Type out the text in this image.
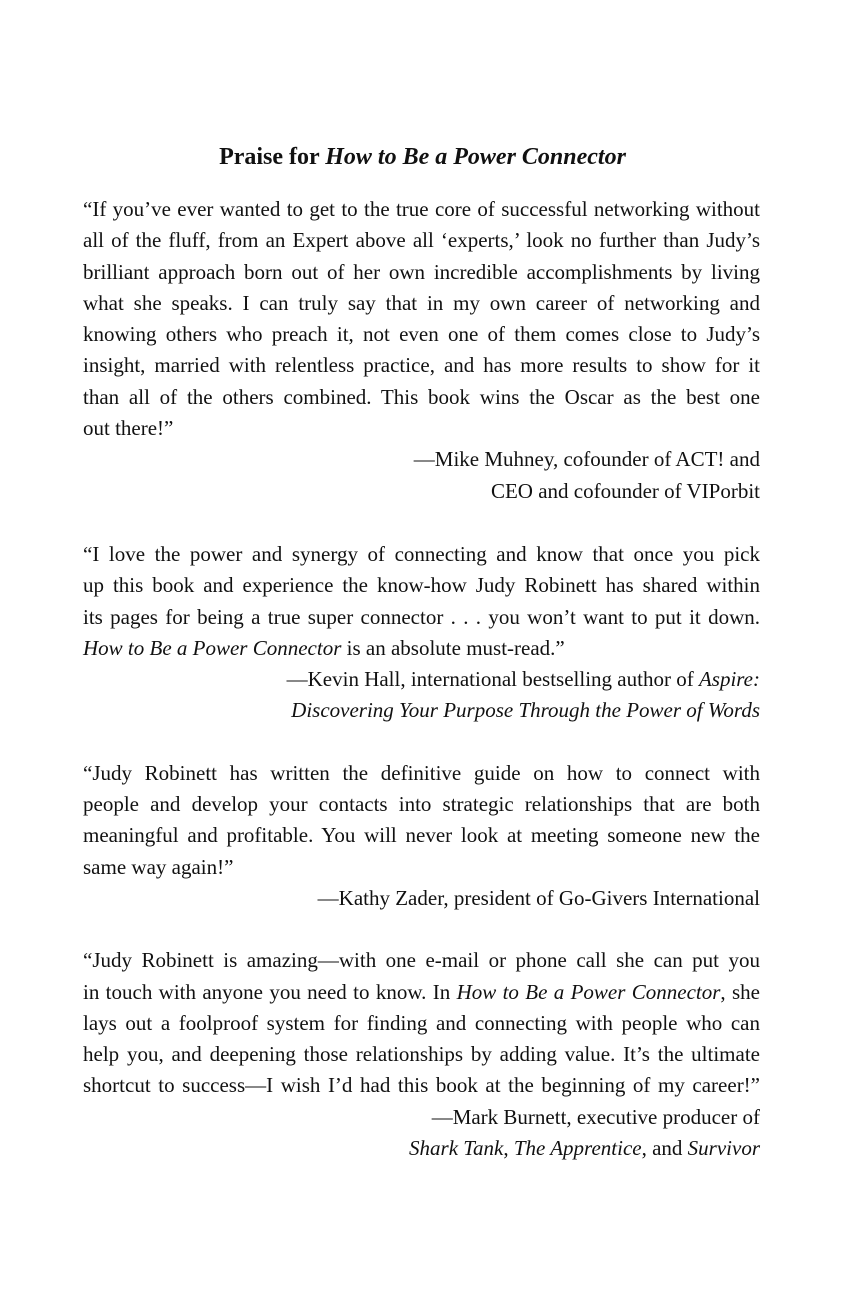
Praise for How to Be a Power Connector
“If you’ve ever wanted to get to the true core of successful networking without
all of the fluff, from an Expert above all ‘experts,’ look no further than Judy’s
brilliant approach born out of her own incredible accomplishments by living
what she speaks. I can truly say that in my own career of networking and
knowing others who preach it, not even one of them comes close to Judy’s
insight, married with relentless practice, and has more results to show for it
than all of the others combined. This book wins the Oscar as the best one
out there!”
—Mike Muhney, cofounder of ACT! and
CEO and cofounder of VIPorbit
“I love the power and synergy of connecting and know that once you pick
up this book and experience the know-how Judy Robinett has shared within
its pages for being a true super connector . . . you won’t want to put it down.
How to Be a Power Connector is an absolute must-read.”
—Kevin Hall, international bestselling author of Aspire:
Discovering Your Purpose Through the Power of Words
“Judy Robinett has written the definitive guide on how to connect with
people and develop your contacts into strategic relationships that are both
meaningful and profitable. You will never look at meeting someone new the
same way again!”
—Kathy Zader, president of Go-Givers International
“Judy Robinett is amazing—with one e-mail or phone call she can put you
in touch with anyone you need to know. In How to Be a Power Connector, she
lays out a foolproof system for finding and connecting with people who can
help you, and deepening those relationships by adding value. It’s the ultimate
shortcut to success—I wish I’d had this book at the beginning of my career!”
—Mark Burnett, executive producer of
Shark Tank, The Apprentice, and Survivor
